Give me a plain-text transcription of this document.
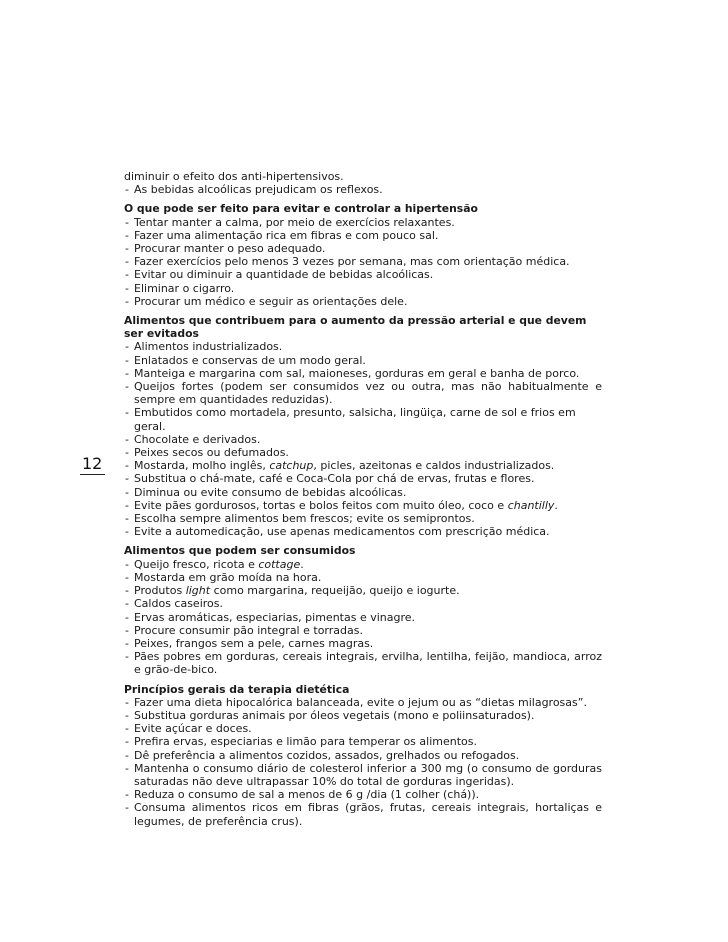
12
diminuir o efeito dos anti-hipertensivos.
- As bebidas alcoólicas prejudicam os reflexos.
O que pode ser feito para evitar e controlar a hipertensão
- Tentar manter a calma, por meio de exercícios relaxantes.
- Fazer uma alimentação rica em fibras e com pouco sal.
- Procurar manter o peso adequado.
- Fazer exercícios pelo menos 3 vezes por semana, mas com orientação médica.
- Evitar ou diminuir a quantidade de bebidas alcoólicas.
- Eliminar o cigarro.
- Procurar um médico e seguir as orientações dele.
Alimentos que contribuem para o aumento da pressão arterial e que devem ser evitados
- Alimentos industrializados.
- Enlatados e conservas de um modo geral.
- Manteiga e margarina com sal, maioneses, gorduras em geral e banha de porco.
- Queijos fortes (podem ser consumidos vez ou outra, mas não habitualmente e sempre em quantidades reduzidas).
- Embutidos como mortadela, presunto, salsicha, lingüiça, carne de sol e frios em geral.
- Chocolate e derivados.
- Peixes secos ou defumados.
- Mostarda, molho inglês, catchup, picles, azeitonas e caldos industrializados.
- Substitua o chá-mate, café e Coca-Cola por chá de ervas, frutas e flores.
- Diminua ou evite consumo de bebidas alcoólicas.
- Evite pães gordurosos, tortas e bolos feitos com muito óleo, coco e chantilly.
- Escolha sempre alimentos bem frescos; evite os semiprontos.
- Evite a automedicação, use apenas medicamentos com prescrição médica.
Alimentos que podem ser consumidos
- Queijo fresco, ricota e cottage.
- Mostarda em grão moída na hora.
- Produtos light como margarina, requeijão, queijo e iogurte.
- Caldos caseiros.
- Ervas aromáticas, especiarias, pimentas e vinagre.
- Procure consumir pão integral e torradas.
- Peixes, frangos sem a pele, carnes magras.
- Pães pobres em gorduras, cereais integrais, ervilha, lentilha, feijão, mandioca, arroz e grão-de-bico.
Princípios gerais da terapia dietética
- Fazer uma dieta hipocalórica balanceada, evite o jejum ou as “dietas milagrosas”.
- Substitua gorduras animais por óleos vegetais (mono e poliinsaturados).
- Evite açúcar e doces.
- Prefira ervas, especiarias e limão para temperar os alimentos.
- Dê preferência a alimentos cozidos, assados, grelhados ou refogados.
- Mantenha o consumo diário de colesterol inferior a 300 mg (o consumo de gorduras saturadas não deve ultrapassar 10% do total de gorduras ingeridas).
- Reduza o consumo de sal a menos de 6 g /dia (1 colher (chá)).
- Consuma alimentos ricos em fibras (grãos, frutas, cereais integrais, hortaliças e legumes, de preferência crus).
